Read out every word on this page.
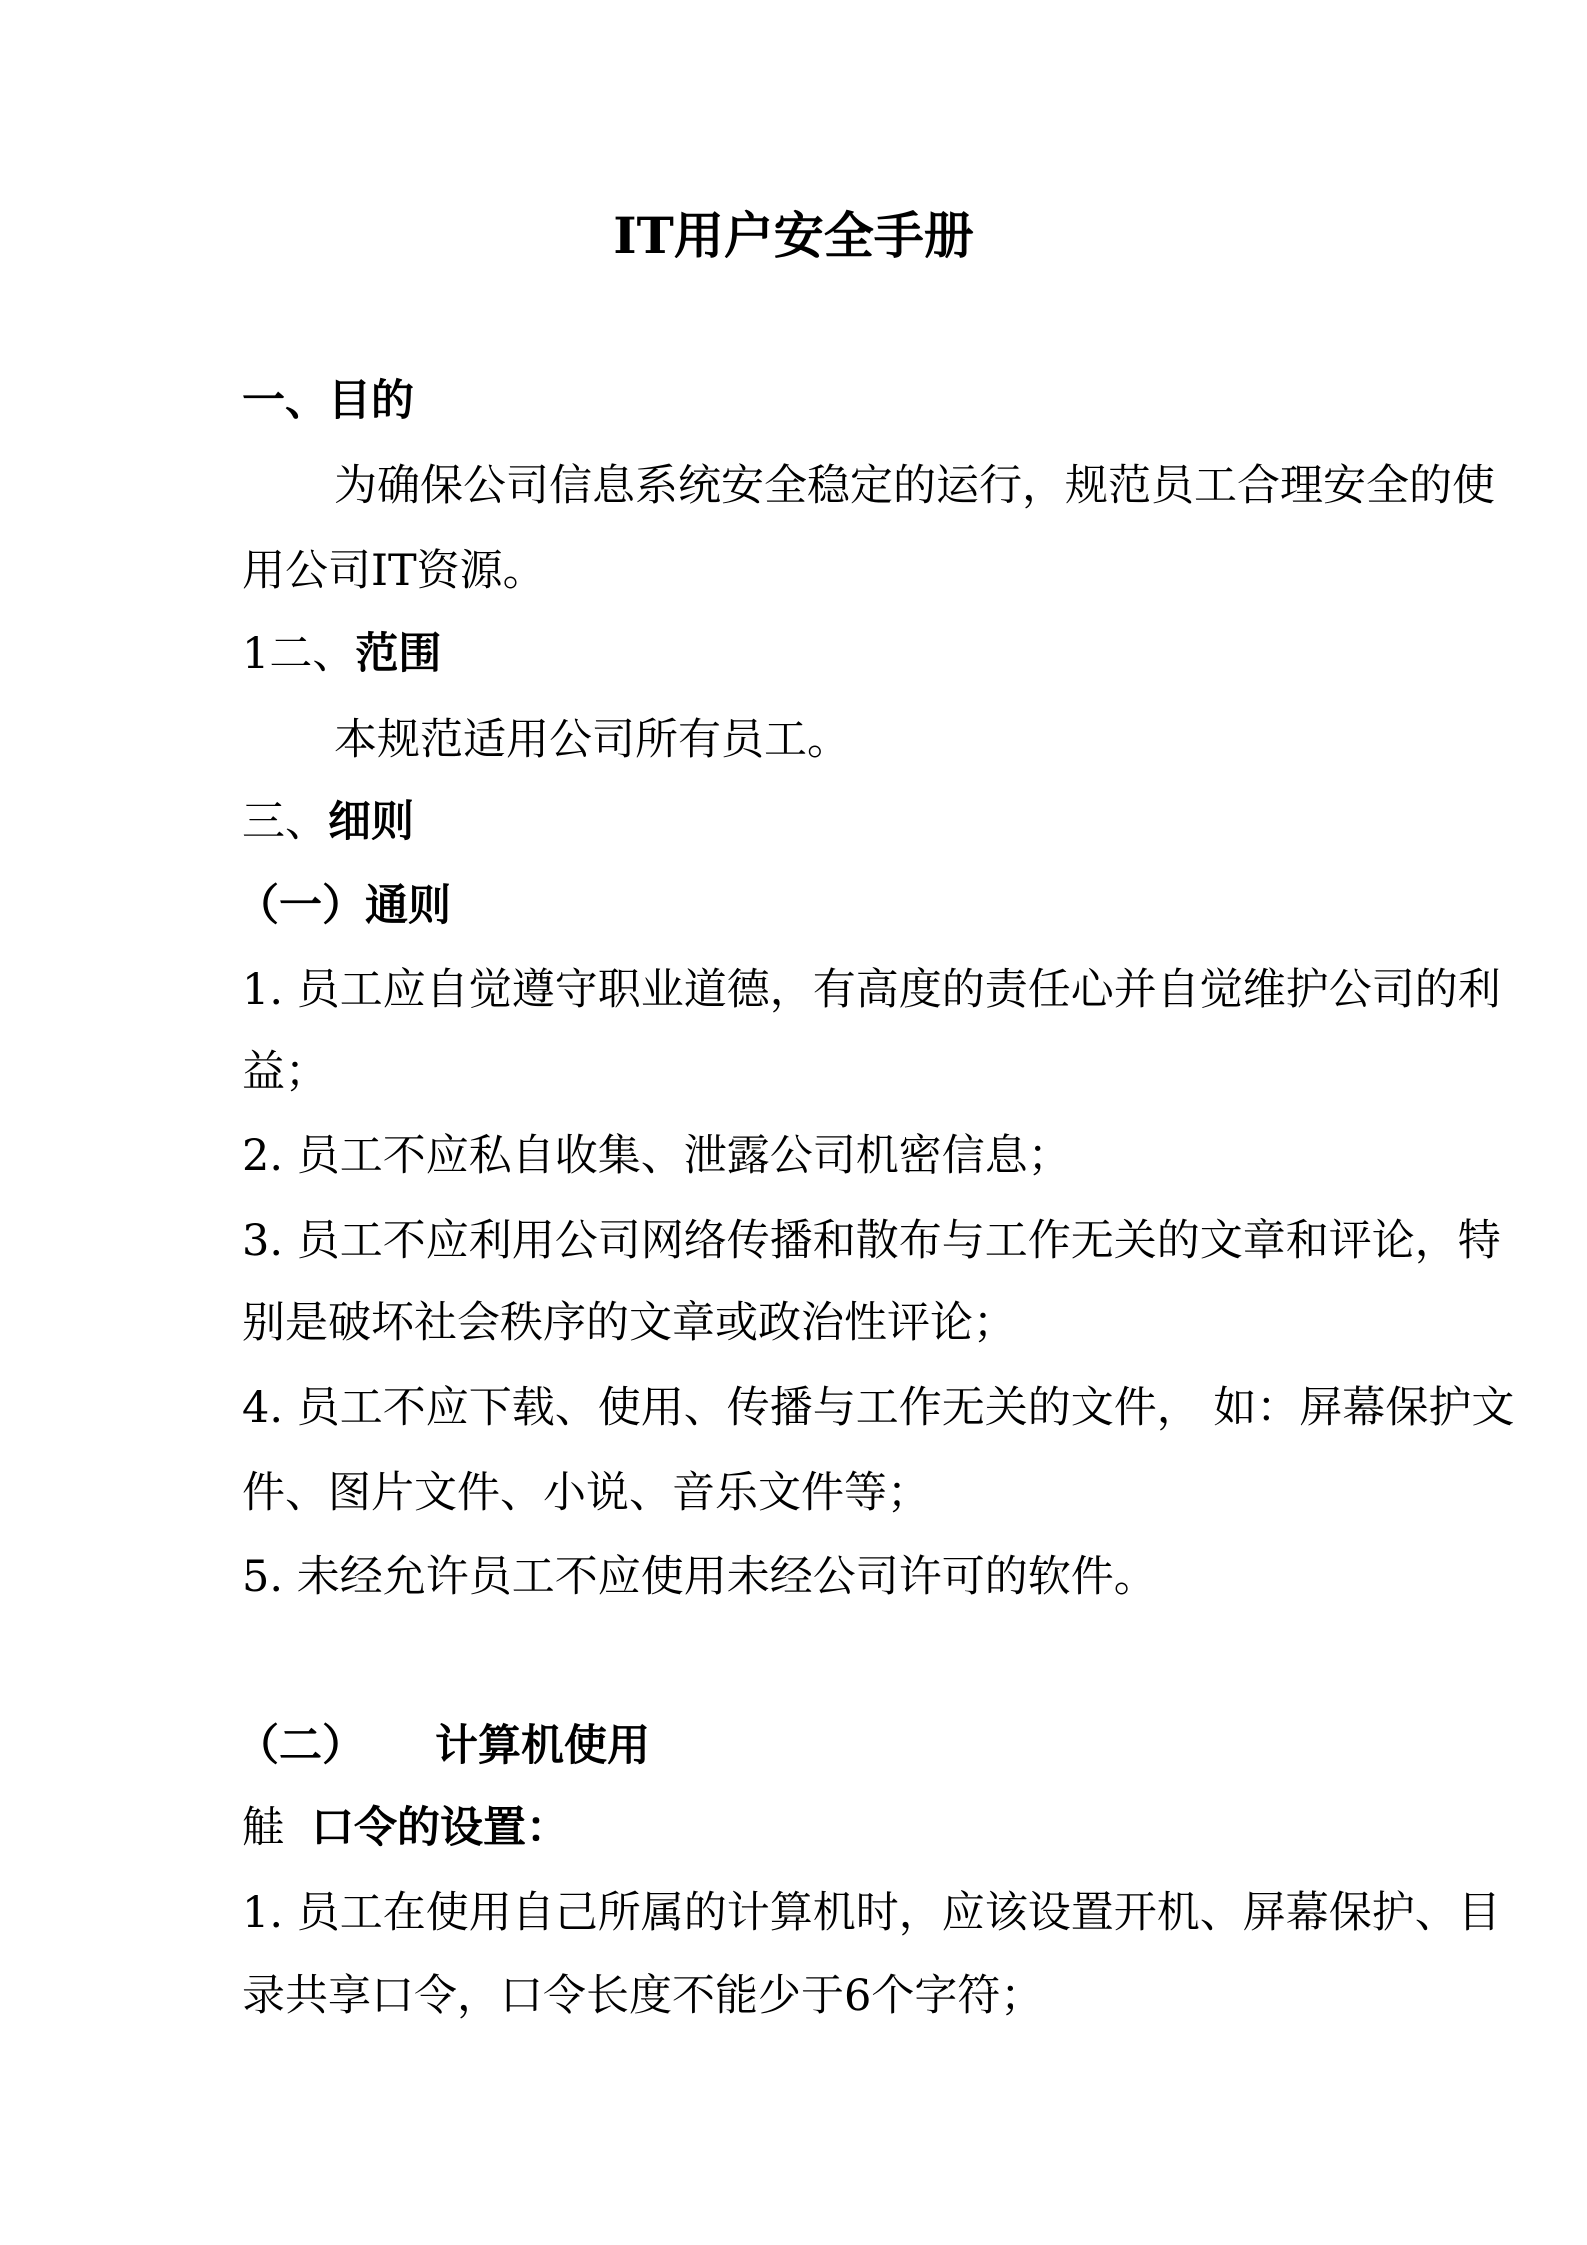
IT用户安全手册
一、目的
为确保公司信息系统安全稳定的运行，规范员工合理安全的使
用公司IT资源。
1二、范围
本规范适用公司所有员工。
三、细则
（一）通则
1. 员工应自觉遵守职业道德，有高度的责任心并自觉维护公司的利
益；
2. 员工不应私自收集、泄露公司机密信息；
3. 员工不应利用公司网络传播和散布与工作无关的文章和评论，特
别是破坏社会秩序的文章或政治性评论；
4. 员工不应下载、使用、传播与工作无关的文件， 如：屏幕保护文
件、图片文件、小说、音乐文件等；
5. 未经允许员工不应使用未经公司许可的软件。
（二） 计算机使用
觟 口令的设置：
1. 员工在使用自己所属的计算机时，应该设置开机、屏幕保护、目
录共享口令，口令长度不能少于6个字符；
